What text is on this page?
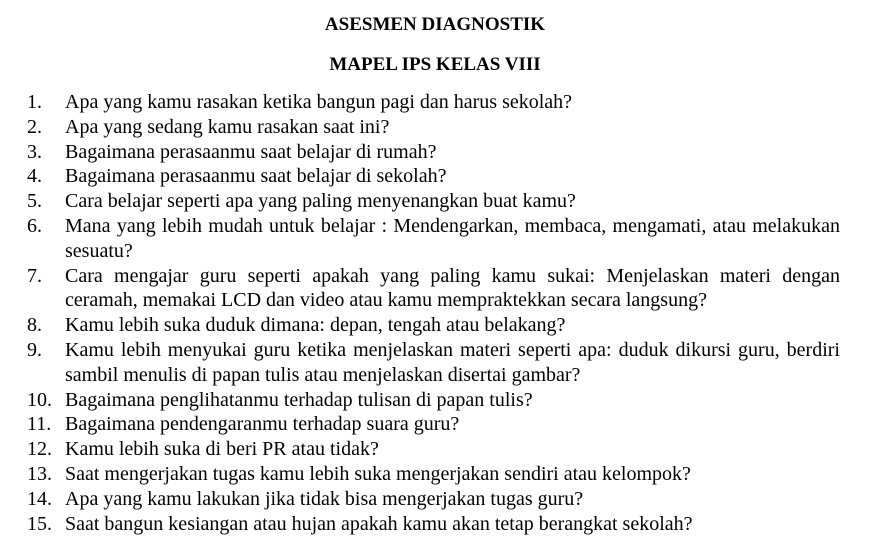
ASESMEN DIAGNOSTIK
MAPEL IPS KELAS VIII
1. Apa yang kamu rasakan ketika bangun pagi dan harus sekolah?
2. Apa yang sedang kamu rasakan saat ini?
3. Bagaimana perasaanmu saat belajar di rumah?
4. Bagaimana perasaanmu saat belajar di sekolah?
5. Cara belajar seperti apa yang paling menyenangkan buat kamu?
6. Mana yang lebih mudah untuk belajar : Mendengarkan, membaca, mengamati, atau melakukan sesuatu?
7. Cara mengajar guru seperti apakah yang paling kamu sukai: Menjelaskan materi dengan ceramah, memakai LCD dan video atau kamu mempraktekkan secara langsung?
8. Kamu lebih suka duduk dimana: depan, tengah atau belakang?
9. Kamu lebih menyukai guru ketika menjelaskan materi seperti apa: duduk dikursi guru, berdiri sambil menulis di papan tulis atau menjelaskan disertai gambar?
10. Bagaimana penglihatanmu terhadap tulisan di papan tulis?
11. Bagaimana pendengaranmu terhadap suara guru?
12. Kamu lebih suka di beri PR atau tidak?
13. Saat mengerjakan tugas kamu lebih suka mengerjakan sendiri atau kelompok?
14. Apa yang kamu lakukan jika tidak bisa mengerjakan tugas guru?
15. Saat bangun kesiangan atau hujan apakah kamu akan tetap berangkat sekolah?
